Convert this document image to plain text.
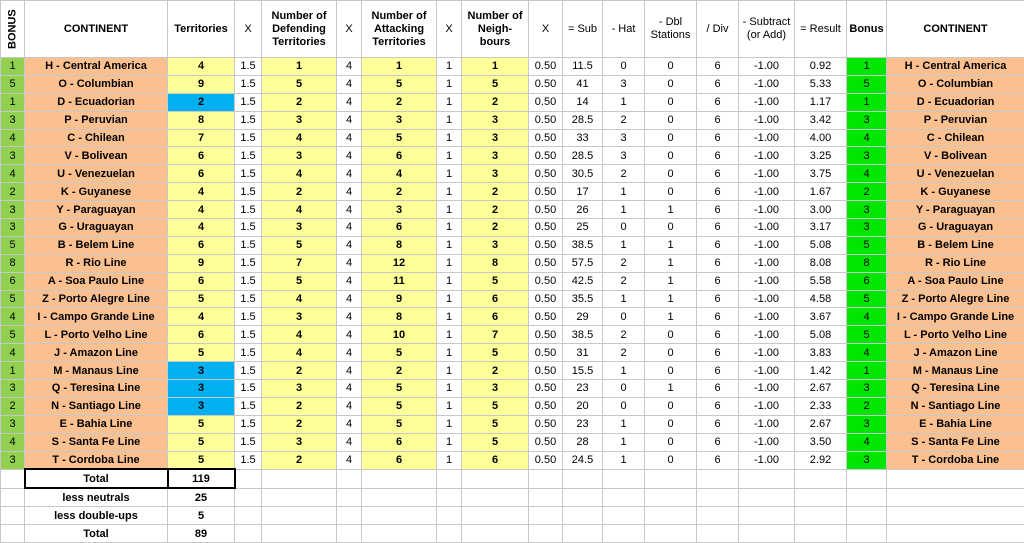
BONUS	CONTINENT	Territories	X	Number of Defending Territories	X	Number of Attacking Territories	X	Number of Neigh-bours	X	= Sub	- Hat	- Dbl Stations	/ Div	- Subtract (or Add)	= Result	Bonus	CONTINENT
1	H - Central America	4	1.5	1	4	1	1	1	0.50	11.5	0	0	6	-1.00	0.92	1	H - Central America
5	O - Columbian	9	1.5	5	4	5	1	5	0.50	41	3	0	6	-1.00	5.33	5	O - Columbian
1	D - Ecuadorian	2	1.5	2	4	2	1	2	0.50	14	1	0	6	-1.00	1.17	1	D - Ecuadorian
3	P - Peruvian	8	1.5	3	4	3	1	3	0.50	28.5	2	0	6	-1.00	3.42	3	P - Peruvian
4	C - Chilean	7	1.5	4	4	5	1	3	0.50	33	3	0	6	-1.00	4.00	4	C - Chilean
3	V - Bolivean	6	1.5	3	4	6	1	3	0.50	28.5	3	0	6	-1.00	3.25	3	V - Bolivean
4	U - Venezuelan	6	1.5	4	4	4	1	3	0.50	30.5	2	0	6	-1.00	3.75	4	U - Venezuelan
2	K - Guyanese	4	1.5	2	4	2	1	2	0.50	17	1	0	6	-1.00	1.67	2	K - Guyanese
3	Y - Paraguayan	4	1.5	4	4	3	1	2	0.50	26	1	1	6	-1.00	3.00	3	Y - Paraguayan
3	G - Uraguayan	4	1.5	3	4	6	1	2	0.50	25	0	0	6	-1.00	3.17	3	G - Uraguayan
5	B - Belem Line	6	1.5	5	4	8	1	3	0.50	38.5	1	1	6	-1.00	5.08	5	B - Belem Line
8	R - Rio Line	9	1.5	7	4	12	1	8	0.50	57.5	2	1	6	-1.00	8.08	8	R - Rio Line
6	A - Soa Paulo Line	6	1.5	5	4	11	1	5	0.50	42.5	2	1	6	-1.00	5.58	6	A - Soa Paulo Line
5	Z - Porto Alegre Line	5	1.5	4	4	9	1	6	0.50	35.5	1	1	6	-1.00	4.58	5	Z - Porto Alegre Line
4	I - Campo Grande Line	4	1.5	3	4	8	1	6	0.50	29	0	1	6	-1.00	3.67	4	I - Campo Grande Line
5	L - Porto Velho Line	6	1.5	4	4	10	1	7	0.50	38.5	2	0	6	-1.00	5.08	5	L - Porto Velho Line
4	J - Amazon Line	5	1.5	4	4	5	1	5	0.50	31	2	0	6	-1.00	3.83	4	J - Amazon Line
1	M - Manaus Line	3	1.5	2	4	2	1	2	0.50	15.5	1	0	6	-1.00	1.42	1	M - Manaus Line
3	Q - Teresina Line	3	1.5	3	4	5	1	3	0.50	23	0	1	6	-1.00	2.67	3	Q - Teresina Line
2	N - Santiago Line	3	1.5	2	4	5	1	5	0.50	20	0	0	6	-1.00	2.33	2	N - Santiago Line
3	E - Bahia Line	5	1.5	2	4	5	1	5	0.50	23	1	0	6	-1.00	2.67	3	E - Bahia Line
4	S - Santa Fe Line	5	1.5	3	4	6	1	5	0.50	28	1	0	6	-1.00	3.50	4	S - Santa Fe Line
3	T - Cordoba Line	5	1.5	2	4	6	1	6	0.50	24.5	1	0	6	-1.00	2.92	3	T - Cordoba Line
	Total	119															
	less neutrals	25															
	less double-ups	5															
	Total	89															
